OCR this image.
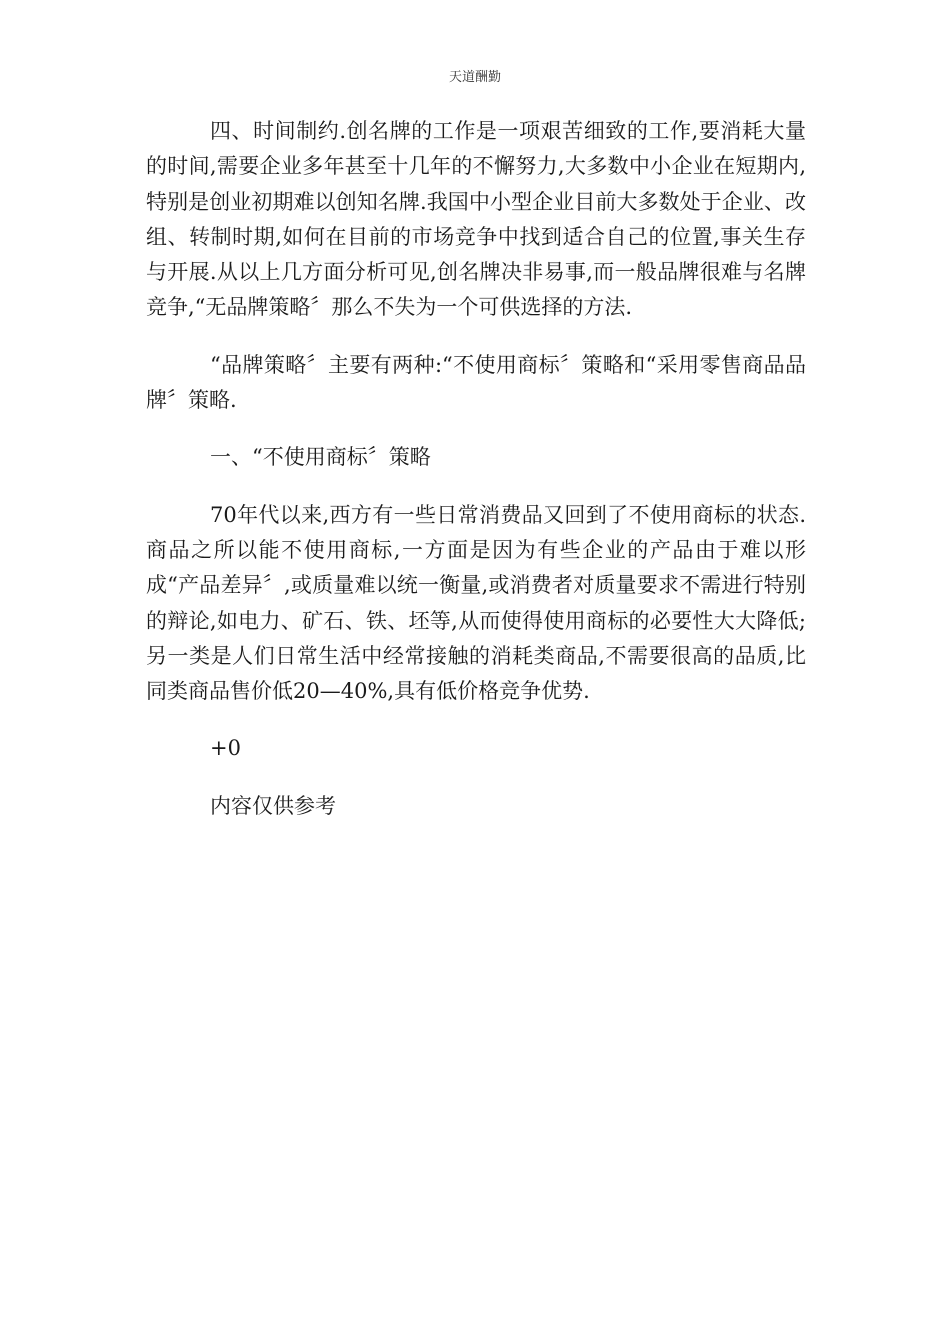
天道酬勤

四、时间制约.创名牌的工作是一项艰苦细致的工作,要消耗大量的时间,需要企业多年甚至十几年的不懈努力,大多数中小企业在短期内,特别是创业初期难以创知名牌.我国中小型企业目前大多数处于企业、改组、转制时期,如何在目前的市场竞争中找到适合自己的位置,事关生存与开展.从以上几方面分析可见,创名牌决非易事,而一般品牌很难与名牌竞争,“无品牌策略〞那么不失为一个可供选择的方法.

“品牌策略〞主要有两种:“不使用商标〞策略和“采用零售商品品牌〞策略.

一、“不使用商标〞策略

70年代以来,西方有一些日常消费品又回到了不使用商标的状态.商品之所以能不使用商标,一方面是因为有些企业的产品由于难以形成“产品差异〞,或质量难以统一衡量,或消费者对质量要求不需进行特别的辩论,如电力、矿石、铁、坯等,从而使得使用商标的必要性大大降低;另一类是人们日常生活中经常接触的消耗类商品,不需要很高的品质,比同类商品售价低20—40%,具有低价格竞争优势.

+0

内容仅供参考
